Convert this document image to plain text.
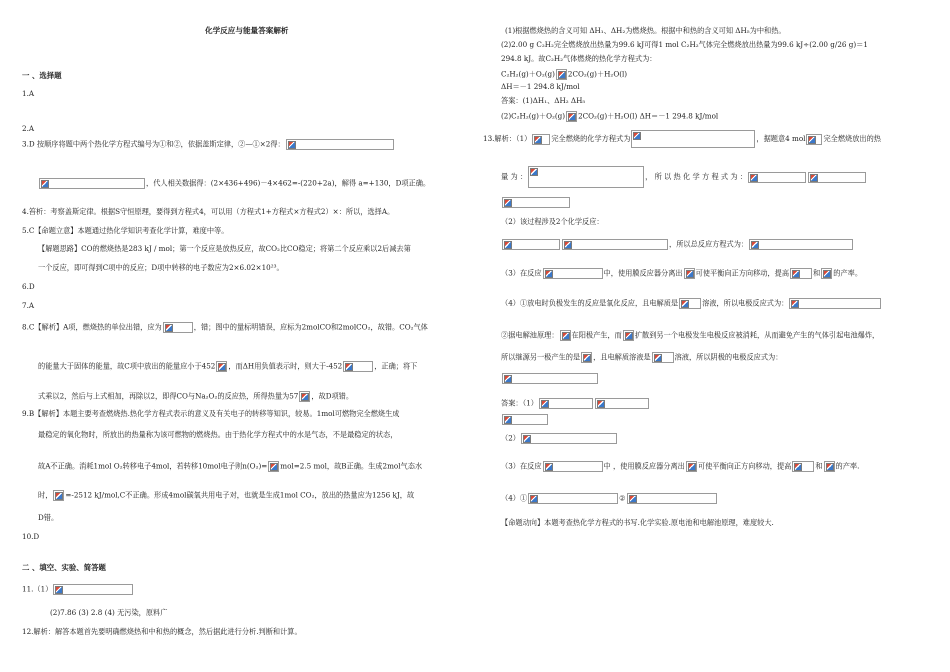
化学反应与能量答案解析
一 、选择题
1.A
2.A
3.D 按顺序将题中两个热化学方程式编号为①和②，依据盖斯定律，②—①×2得：
，代人相关数据得：(2×436+496)－4×462=-(220+2a)，解得 a=+130，D项正确。
4.笞析：考察盖斯定律。根据S守恒原理，要得到方程式4，可以用（方程式1+方程式×方程式2）×：所以，选择A。
5.C【命题立意】本题通过热化学知识考查化学计算，难度中等。
【解题思路】CO的燃烧热是283 kJ / mol；第一个反应是放热反应，故CO₂比CO稳定；将第二个反应乘以2后减去第
一个反应，即可得到C项中的反应；D项中转移的电子数应为2×6.02×10²³。
6.D
7.A
8.C【解析】A项，燃烧热的单位出错，应为	，错；图中的量标明错误，应标为2molCO和2molCO₂，故错。CO₂气体
的能量大于固体的能量，故C项中放出的能量应小于452 ，而ΔH用负值表示时，则大于-452	，正确；将下
式乘以2，然后与上式相加，再除以2，即得CO与Na₂O₂的反应热，所得热量为57 ，故D项错。
9.B【解析】本题主要考查燃烧热.热化学方程式表示的意义及有关电子的转移等知识，较易。1mol可燃物完全燃烧生成
最稳定的氧化物时，所放出的热量称为该可燃物的燃烧热。由于热化学方程式中的水是气态，不是最稳定的状态，
故A不正确。消耗1mol O₂转移电子4mol，若转移10mol电子则n(O₂)= mol=2.5 mol，故B正确。生成2mol气态水
时， =-2512 kJ/mol,C不正确。形成4mol碳氧共用电子对，也就是生成1mol CO₂，放出的热量应为1256 kJ，故
D错。
10.D
二 、填空、实验、简答题
11.（1）
(2)7.86 (3) 2.8 (4) 无污染，原料广
12.解析：解答本题首先要明确燃烧热和中和热的概念，然后据此进行分析.判断和计算。
(1)根据燃烧热的含义可知 ΔH₁、ΔH₂为燃烧热。根据中和热的含义可知 ΔH₅为中和热。
(2)2.00 g C₂H₂完全燃烧放出热量为99.6 kJ可得1 mol C₂H₂气体完全燃烧放出热量为99.6 kJ÷(2.00 g/26 g)＝1
294.8 kJ。故C₂H₂气体燃烧的热化学方程式为：
C₂H₂(g)＋O₂(g) 2CO₂(g)＋H₂O(l)
ΔH＝－1 294.8 kJ/mol
答案：(1)ΔH₁、ΔH₂ ΔH₅
(2)C₂H₂(g)＋O₂(g) 2CO₂(g)＋H₂O(l) ΔH＝－1 294.8 kJ/mol
13.解析：（1）	完全燃烧的化学方程式为	，据题意4 mol	完全燃烧放出的热
量 为 ：	， 所 以 热 化 学 方 程 式 为 ：
（2）该过程涉及2个化学反应：
，所以总反应方程式为：
（3）在反应	中，使用膜反应器分离出 可使平衡向正方向移动，提高	和 的产率。
（4）①放电时负极发生的反应是氧化反应，且电解质是	溶液，所以电极反应式为：
②据电解池原理： 在阳极产生，而 扩散到另一个电极发生电极反应被消耗，从而避免产生的气体引起电池爆炸，
所以继源另一极产生的是 ，且电解质溶液是	溶液，所以阴极的电极反应式为：
答案：（1）
（2）
（3）在反应	中 ，使用膜反应器分离出 可使平衡向正方向移动，提高	和 的产率.
（4）①	②
【命题动向】本题考查热化学方程式的书写.化学实验.原电池和电解池原理，难度较大.
